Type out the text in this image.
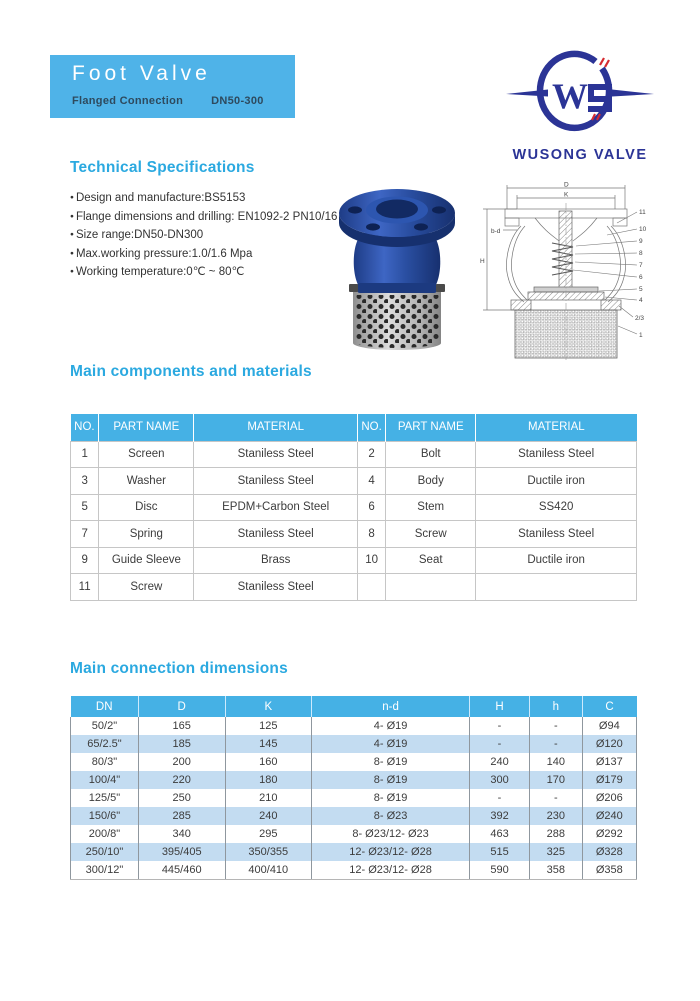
Foot Valve
Flanged Connection	DN50-300	W
WUSONG VALVE
Technical Specifications
● Design and manufacture:BS5153
● Flange dimensions and drilling: EN1092-2 PN10/16
● Size range:DN50-DN300
● Max.working pressure:1.0/1.6 Mpa
● Working temperature:0℃ ~ 80℃
D
K
H
b-d
11
10
9
8
7
6
5
4
2/3
1
Main components and materials
NO.	PART NAME	MATERIAL	NO.	PART NAME	MATERIAL
1	Screen	Staniless Steel	2	Bolt	Staniless Steel
3	Washer	Staniless Steel	4	Body	Ductile iron
5	Disc	EPDM+Carbon Steel	6	Stem	SS420
7	Spring	Staniless Steel	8	Screw	Staniless Steel
9	Guide Sleeve	Brass	10	Seat	Ductile iron
11	Screw	Staniless Steel			
Main connection dimensions
DN	D	K	n-d	H	h	C
50/2"	165	125	4- Ø19	-	-	Ø94
65/2.5"	185	145	4- Ø19	-	-	Ø120
80/3"	200	160	8- Ø19	240	140	Ø137
100/4"	220	180	8- Ø19	300	170	Ø179
125/5"	250	210	8- Ø19	-	-	Ø206
150/6"	285	240	8- Ø23	392	230	Ø240
200/8"	340	295	8- Ø23/12- Ø23	463	288	Ø292
250/10"	395/405	350/355	12- Ø23/12- Ø28	515	325	Ø328
300/12"	445/460	400/410	12- Ø23/12- Ø28	590	358	Ø358
